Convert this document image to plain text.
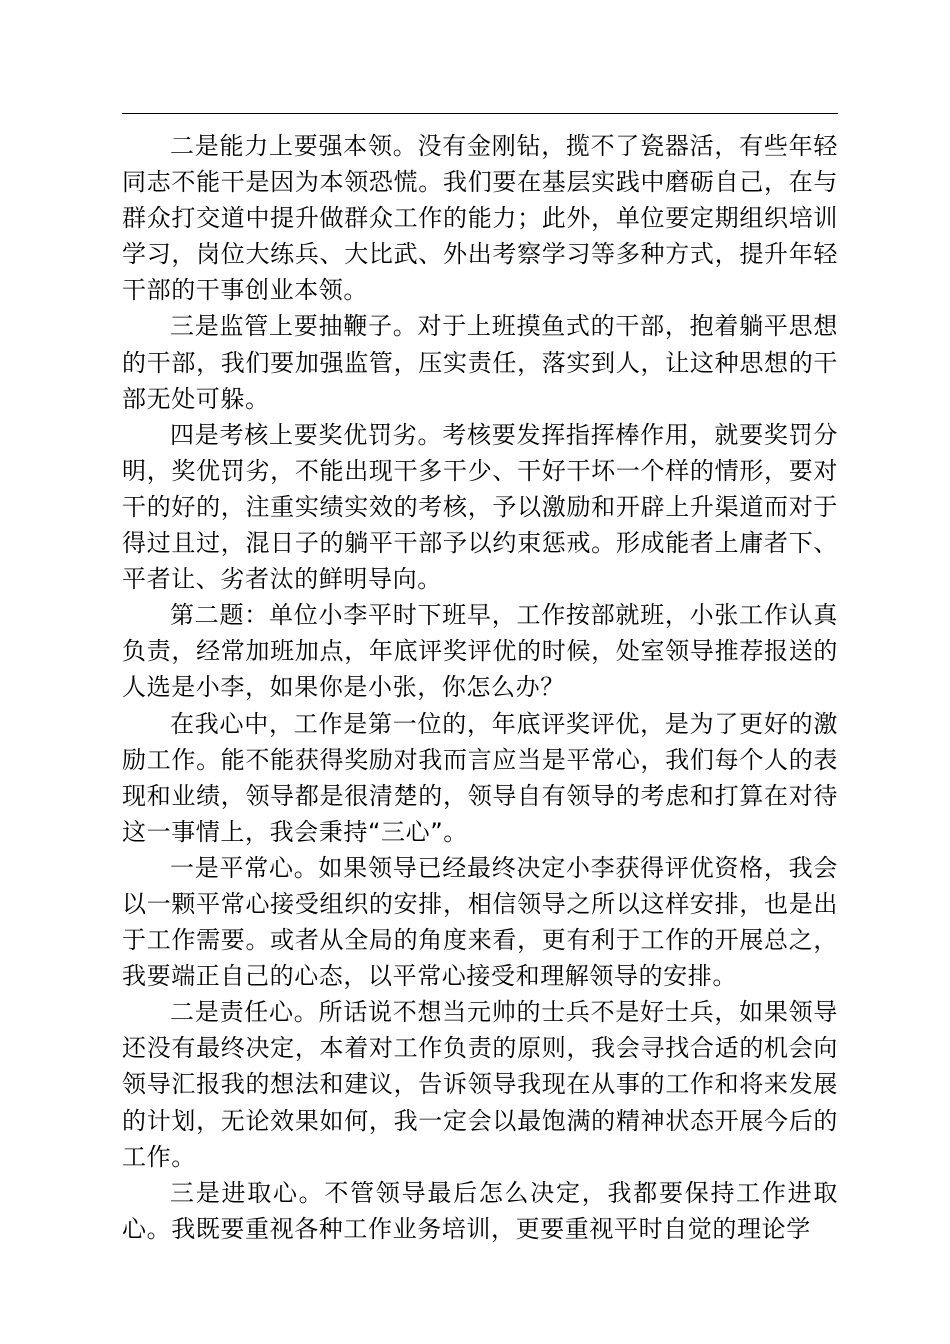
二是能力上要强本领。没有金刚钻，揽不了瓷器活，有些年轻同志不能干是因为本领恐慌。我们要在基层实践中磨砺自己，在与群众打交道中提升做群众工作的能力；此外，单位要定期组织培训学习，岗位大练兵、大比武、外出考察学习等多种方式，提升年轻干部的干事创业本领。

三是监管上要抽鞭子。对于上班摸鱼式的干部，抱着躺平思想的干部，我们要加强监管，压实责任，落实到人，让这种思想的干部无处可躲。

四是考核上要奖优罚劣。考核要发挥指挥棒作用，就要奖罚分明，奖优罚劣，不能出现干多干少、干好干坏一个样的情形，要对干的好的，注重实绩实效的考核，予以激励和开辟上升渠道而对于得过且过，混日子的躺平干部予以约束惩戒。形成能者上庸者下、平者让、劣者汰的鲜明导向。

第二题：单位小李平时下班早，工作按部就班，小张工作认真负责，经常加班加点，年底评奖评优的时候，处室领导推荐报送的人选是小李，如果你是小张，你怎么办？

在我心中，工作是第一位的，年底评奖评优，是为了更好的激励工作。能不能获得奖励对我而言应当是平常心，我们每个人的表现和业绩，领导都是很清楚的，领导自有领导的考虑和打算在对待这一事情上，我会秉持“三心”。

一是平常心。如果领导已经最终决定小李获得评优资格，我会以一颗平常心接受组织的安排，相信领导之所以这样安排，也是出于工作需要。或者从全局的角度来看，更有利于工作的开展总之，我要端正自己的心态，以平常心接受和理解领导的安排。

二是责任心。所话说不想当元帅的士兵不是好士兵，如果领导还没有最终决定，本着对工作负责的原则，我会寻找合适的机会向领导汇报我的想法和建议，告诉领导我现在从事的工作和将来发展的计划，无论效果如何，我一定会以最饱满的精神状态开展今后的工作。

三是进取心。不管领导最后怎么决定，我都要保持工作进取心。我既要重视各种工作业务培训，更要重视平时自觉的理论学
